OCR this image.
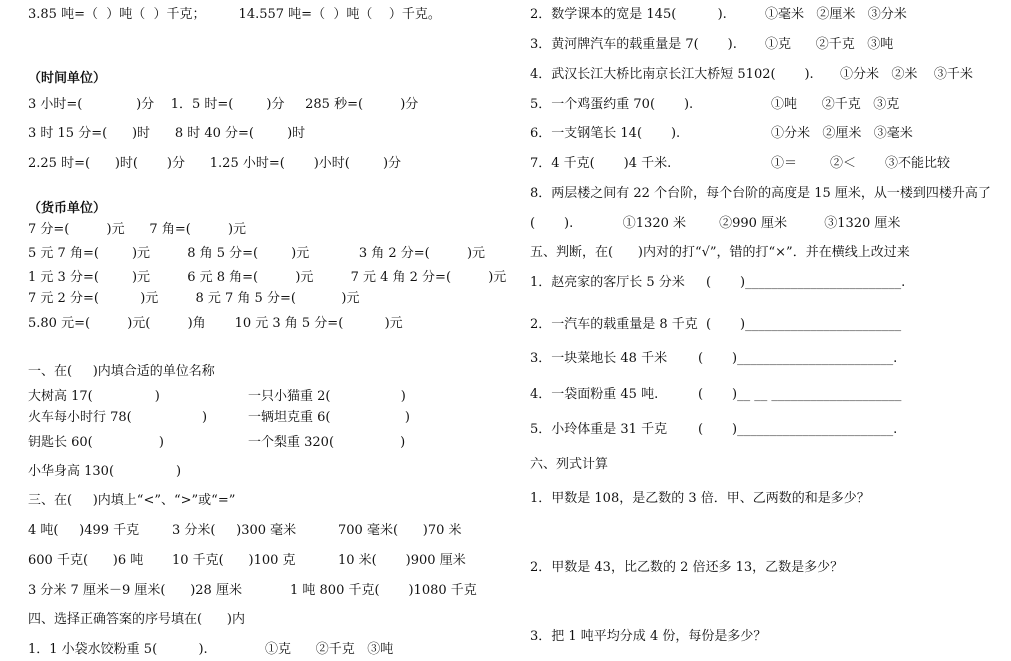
3.85 吨=（  ）吨（  ）千克；        14.557 吨=（  ）吨（    ）千克。
（时间单位）
3 小时=(             )分    1．5 时=(        )分     285 秒=(         )分
3 时 15 分=(      )时      8 时 40 分=(        )时
2.25 时=(      )时(       )分      1.25 小时=(       )小时(        )分
（货币单位）
7 分=(         )元      7 角=(         )元
5 元 7 角=(        )元         8 角 5 分=(        )元            3 角 2 分=(         )元
1 元 3 分=(        )元         6 元 8 角=(         )元         7 元 4 角 2 分=(         )元
7 元 2 分=(          )元         8 元 7 角 5 分=(           )元
5.80 元=(         )元(         )角       10 元 3 角 5 分=(          )元
一、在(     )内填合适的单位名称
大树高 17(               )	一只小猫重 2(                 )
火车每小时行 78(                 )	一辆坦克重 6(                  )
钥匙长 60(                )	一个梨重 320(                )
小华身高 130(               )
三、在(     )内填上“<”、“>”或“=”
4 吨(     )499 千克	3 分米(     )300 毫米	700 毫米(      )70 米
600 千克(      )6 吨 10 千克(      )100 克	10 米(       )900 厘米
3 分米 7 厘米－9 厘米(      )28 厘米	1 吨 800 千克(       )1080 千克
四、选择正确答案的序号填在(      )内
1．1 小袋水饺粉重 5(          ).	①克      ②千克   ③吨
2．数学课本的宽是 145(          ).	①毫米   ②厘米   ③分米
3．黄河牌汽车的载重量是 7(       ). ①克      ②千克   ③吨
4．武汉长江大桥比南京长江大桥短 5102(       ). ①分米   ②米    ③千米
5．一个鸡蛋约重 70(       ).	①吨      ②千克   ③克
6．一支钢笔长 14(       ).	①分米   ②厘米   ③毫米
7．4 千克(       )4 千米.	①＝        ②＜       ③不能比较
8．两层楼之间有 22 个台阶，每个台阶的高度是 15 厘米，从一楼到四楼升高了
(       ).            ①1320 米        ②990 厘米         ③1320 厘米
五、判断，在(      )内对的打“√”，错的打“×”．并在横线上改过来
1．赵亮家的客厅长 5 分米 (       )________________________.
2．一汽车的载重量是 8 千克 (       )________________________
3．一块菜地长 48 千米 (       )________________________.
4．一袋面粉重 45 吨.	(       )__ __ ____________________
5．小玲体重是 31 千克 (       )________________________.
六、列式计算
1．甲数是 108，是乙数的 3 倍．甲、乙两数的和是多少？
2．甲数是 43，比乙数的 2 倍还多 13，乙数是多少？
3．把 1 吨平均分成 4 份，每份是多少？
